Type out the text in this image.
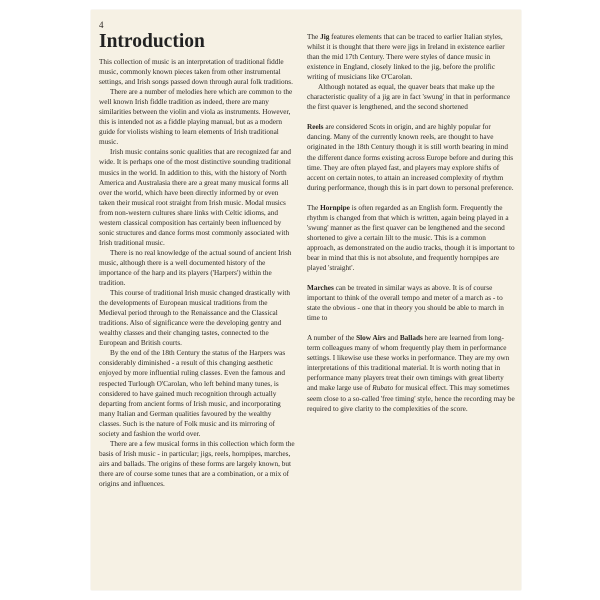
4
Introduction

This collection of music is an interpretation of traditional fiddle music, commonly known pieces taken from other instrumental settings, and Irish songs passed down through aural folk traditions.

There are a number of melodies here which are common to the well known Irish fiddle tradition as indeed, there are many similarities between the violin and viola as instruments. However, this is intended not as a fiddle playing manual, but as a modern guide for violists wishing to learn elements of Irish traditional music.

Irish music contains sonic qualities that are recognized far and wide. It is perhaps one of the most distinctive sounding traditional musics in the world. In addition to this, with the history of North America and Australasia there are a great many musical forms all over the world, which have been directly informed by or even taken their musical root straight from Irish music. Modal musics from non-western cultures share links with Celtic idioms, and western classical composition has certainly been influenced by sonic structures and dance forms most commonly associated with Irish traditional music.

There is no real knowledge of the actual sound of ancient Irish music, although there is a well documented history of the importance of the harp and its players ('Harpers') within the tradition.

This course of traditional Irish music changed drastically with the developments of European musical traditions from the Medieval period through to the Renaissance and the Classical traditions. Also of significance were the developing gentry and wealthy classes and their changing tastes, connected to the European and British courts.

By the end of the 18th Century the status of the Harpers was considerably diminished - a result of this changing aesthetic enjoyed by more influential ruling classes. Even the famous and respected Turlough O'Carolan, who left behind many tunes, is considered to have gained much recognition through actually departing from ancient forms of Irish music, and incorporating many Italian and German qualities favoured by the wealthy classes. Such is the nature of Folk music and its mirroring of society and fashion the world over.

There are a few musical forms in this collection which form the basis of Irish music - in particular; jigs, reels, hornpipes, marches, airs and ballads. The origins of these forms are largely known, but there are of course some tunes that are a combination, or a mix of origins and influences.

The Jig features elements that can be traced to earlier Italian styles, whilst it is thought that there were jigs in Ireland in existence earlier than the mid 17th Century. There were styles of dance music in existence in England, closely linked to the jig, before the prolific writing of musicians like O'Carolan.

Although notated as equal, the quaver beats that make up the characteristic quality of a jig are in fact 'swung' in that in performance the first quaver is lengthened, and the second shortened

Reels are considered Scots in origin, and are highly popular for dancing. Many of the currently known reels, are thought to have originated in the 18th Century though it is still worth bearing in mind the different dance forms existing across Europe before and during this time. They are often played fast, and players may explore shifts of accent on certain notes, to attain an increased complexity of rhythm during performance, though this is in part down to personal preference.

The Hornpipe is often regarded as an English form. Frequently the rhythm is changed from that which is written, again being played in a 'swung' manner as the first quaver can be lengthened and the second shortened to give a certain lilt to the music. This is a common approach, as demonstrated on the audio tracks, though it is important to bear in mind that this is not absolute, and frequently hornpipes are played 'straight'.

Marches can be treated in similar ways as above. It is of course important to think of the overall tempo and meter of a march as - to state the obvious - one that in theory you should be able to march in time to

A number of the Slow Airs and Ballads here are learned from long-term colleagues many of whom frequently play them in performance settings. I likewise use these works in performance. They are my own interpretations of this traditional material. It is worth noting that in performance many players treat their own timings with great liberty and make large use of Rubato for musical effect. This may sometimes seem close to a so-called 'free timing' style, hence the recording may be required to give clarity to the complexities of the score.
